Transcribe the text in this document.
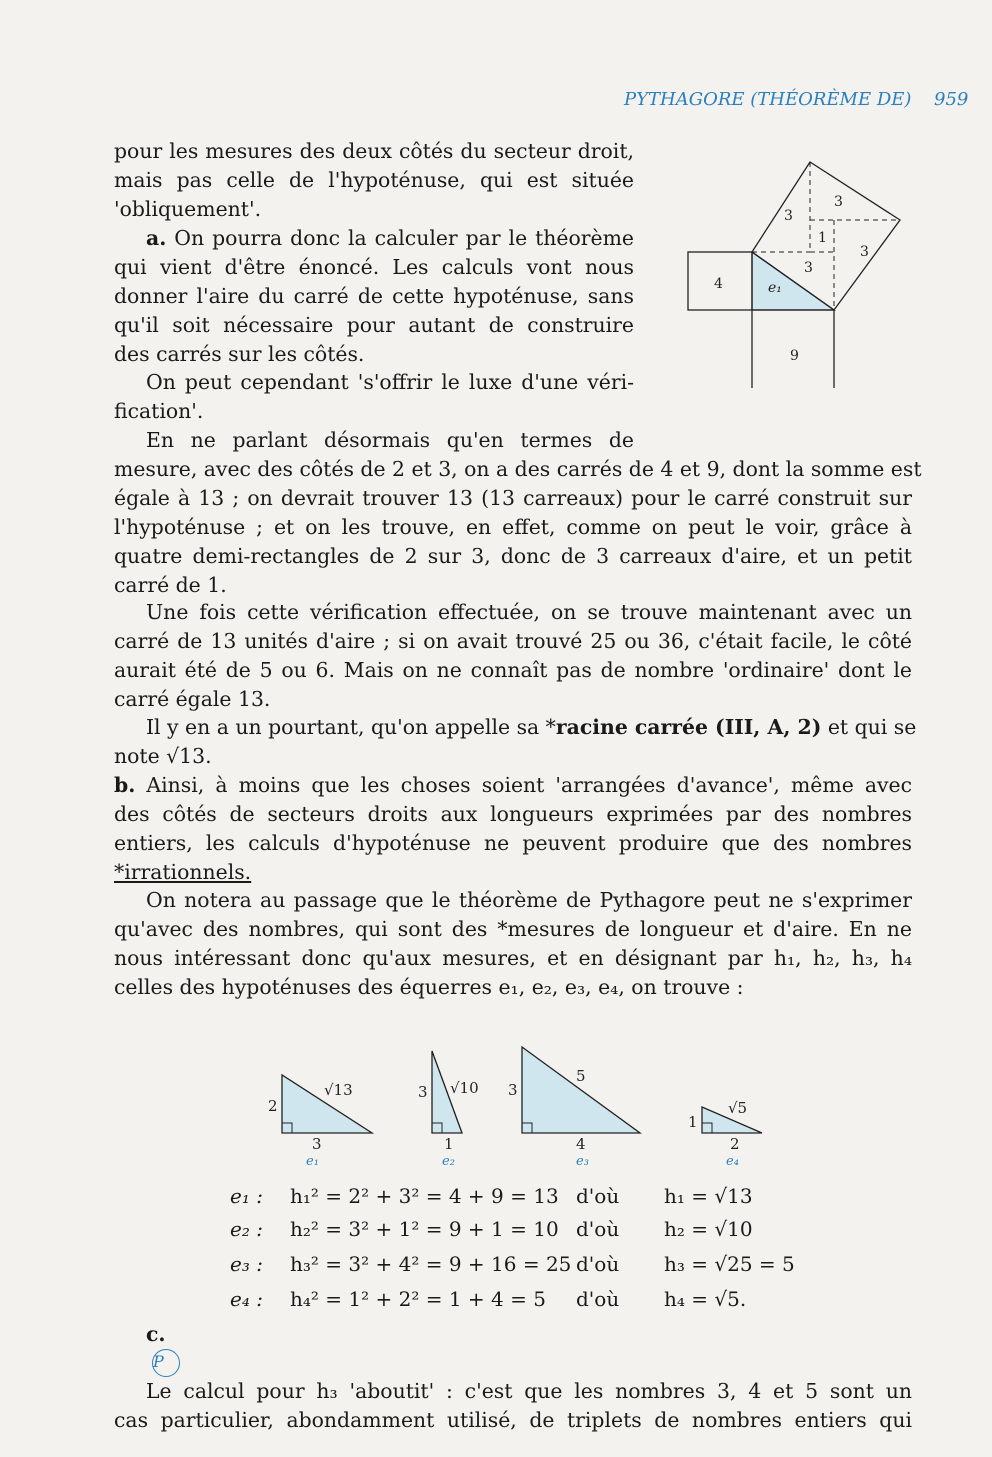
PYTHAGORE (THÉORÈME DE) 959
3
3
1
3
3
4	e₁
9
pour les mesures des deux côtés du secteur droit,
mais pas celle de l'hypoténuse, qui est située
'obliquement'.
a. On pourra donc la calculer par le théorème
qui vient d'être énoncé. Les calculs vont nous
donner l'aire du carré de cette hypoténuse, sans
qu'il soit nécessaire pour autant de construire
des carrés sur les côtés.
On peut cependant 's'offrir le luxe d'une véri-
fication'.
En ne parlant désormais qu'en termes de
mesure, avec des côtés de 2 et 3, on a des carrés de 4 et 9, dont la somme est
égale à 13 ; on devrait trouver 13 (13 carreaux) pour le carré construit sur
l'hypoténuse ; et on les trouve, en effet, comme on peut le voir, grâce à
quatre demi-rectangles de 2 sur 3, donc de 3 carreaux d'aire, et un petit
carré de 1.
Une fois cette vérification effectuée, on se trouve maintenant avec un
carré de 13 unités d'aire ; si on avait trouvé 25 ou 36, c'était facile, le côté
aurait été de 5 ou 6. Mais on ne connaît pas de nombre 'ordinaire' dont le
carré égale 13.
Il y en a un pourtant, qu'on appelle sa *racine carrée (III, A, 2) et qui se
note √13.
b. Ainsi, à moins que les choses soient 'arrangées d'avance', même avec
des côtés de secteurs droits aux longueurs exprimées par des nombres
entiers, les calculs d'hypoténuse ne peuvent produire que des nombres
*irrationnels.
On notera au passage que le théorème de Pythagore peut ne s'exprimer
qu'avec des nombres, qui sont des *mesures de longueur et d'aire. En ne
nous intéressant donc qu'aux mesures, et en désignant par h₁, h₂, h₃, h₄
celles des hypoténuses des équerres e₁, e₂, e₃, e₄, on trouve :
2
3
√13
e₁
3
1
√10
e₂
3
4
5
e₃
1
2
√5
e₄
e₁ : h₁² = 2² + 3² = 4 + 9 = 13 d'où h₁ = √13
e₂ : h₂² = 3² + 1² = 9 + 1 = 10 d'où h₂ = √10
e₃ : h₃² = 3² + 4² = 9 + 16 = 25 d'où h₃ = √25 = 5
e₄ : h₄² = 1² + 2² = 1 + 4 = 5 d'où h₄ = √5.
c.
P
Le calcul pour h₃ 'aboutit' : c'est que les nombres 3, 4 et 5 sont un
cas particulier, abondamment utilisé, de triplets de nombres entiers qui
